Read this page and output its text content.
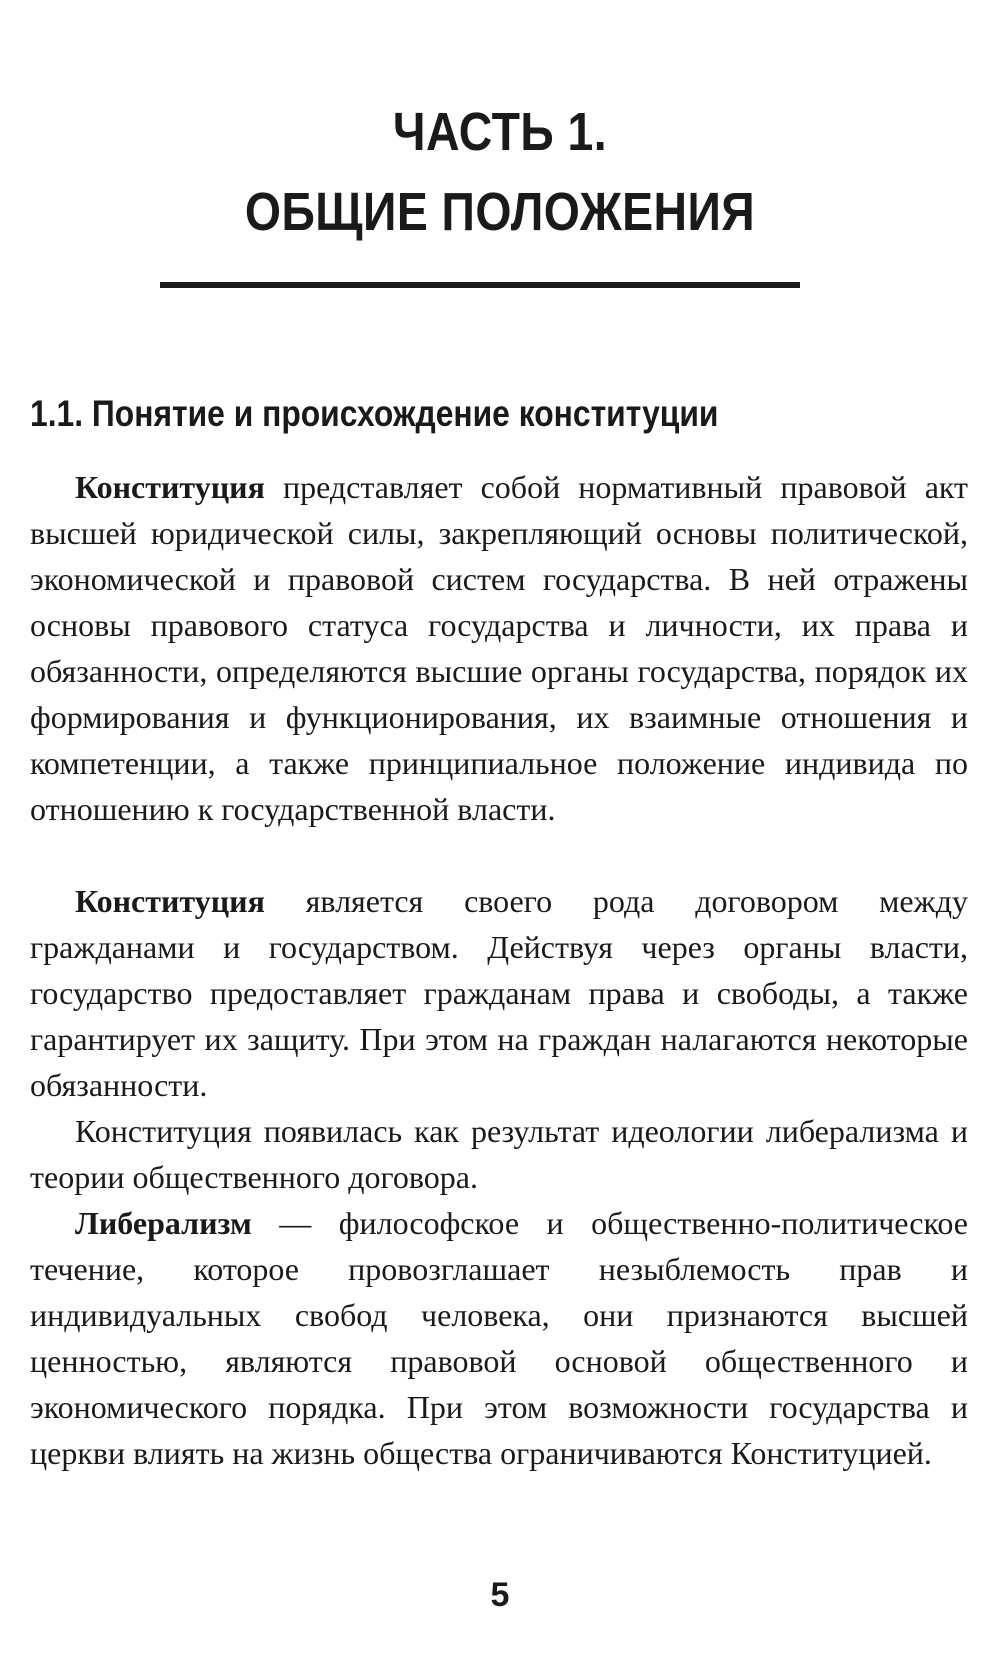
ЧАСТЬ 1.
ОБЩИЕ ПОЛОЖЕНИЯ
1.1. Понятие и происхождение конституции

Конституция представляет собой нормативный правовой акт высшей юридической силы, закрепляющий основы политической, экономической и правовой систем государства. В ней отражены основы правового статуса государства и личности, их права и обязанности, определяются высшие органы государства, порядок их формирования и функционирования, их взаимные отношения и компетенции, а также принципиальное положение индивида по отношению к государственной власти.

Конституция является своего рода договором между гражданами и государством. Действуя через органы власти, государство предоставляет гражданам права и свободы, а также гарантирует их защиту. При этом на граждан налагаются некоторые обязанности.

Конституция появилась как результат идеологии либерализма и теории общественного договора.

Либерализм — философское и общественно-политическое течение, которое провозглашает незыблемость прав и индивидуальных свобод человека, они признаются высшей ценностью, являются правовой основой общественного и экономического порядка. При этом возможности государства и церкви влиять на жизнь общества ограничиваются Конституцией.

5
